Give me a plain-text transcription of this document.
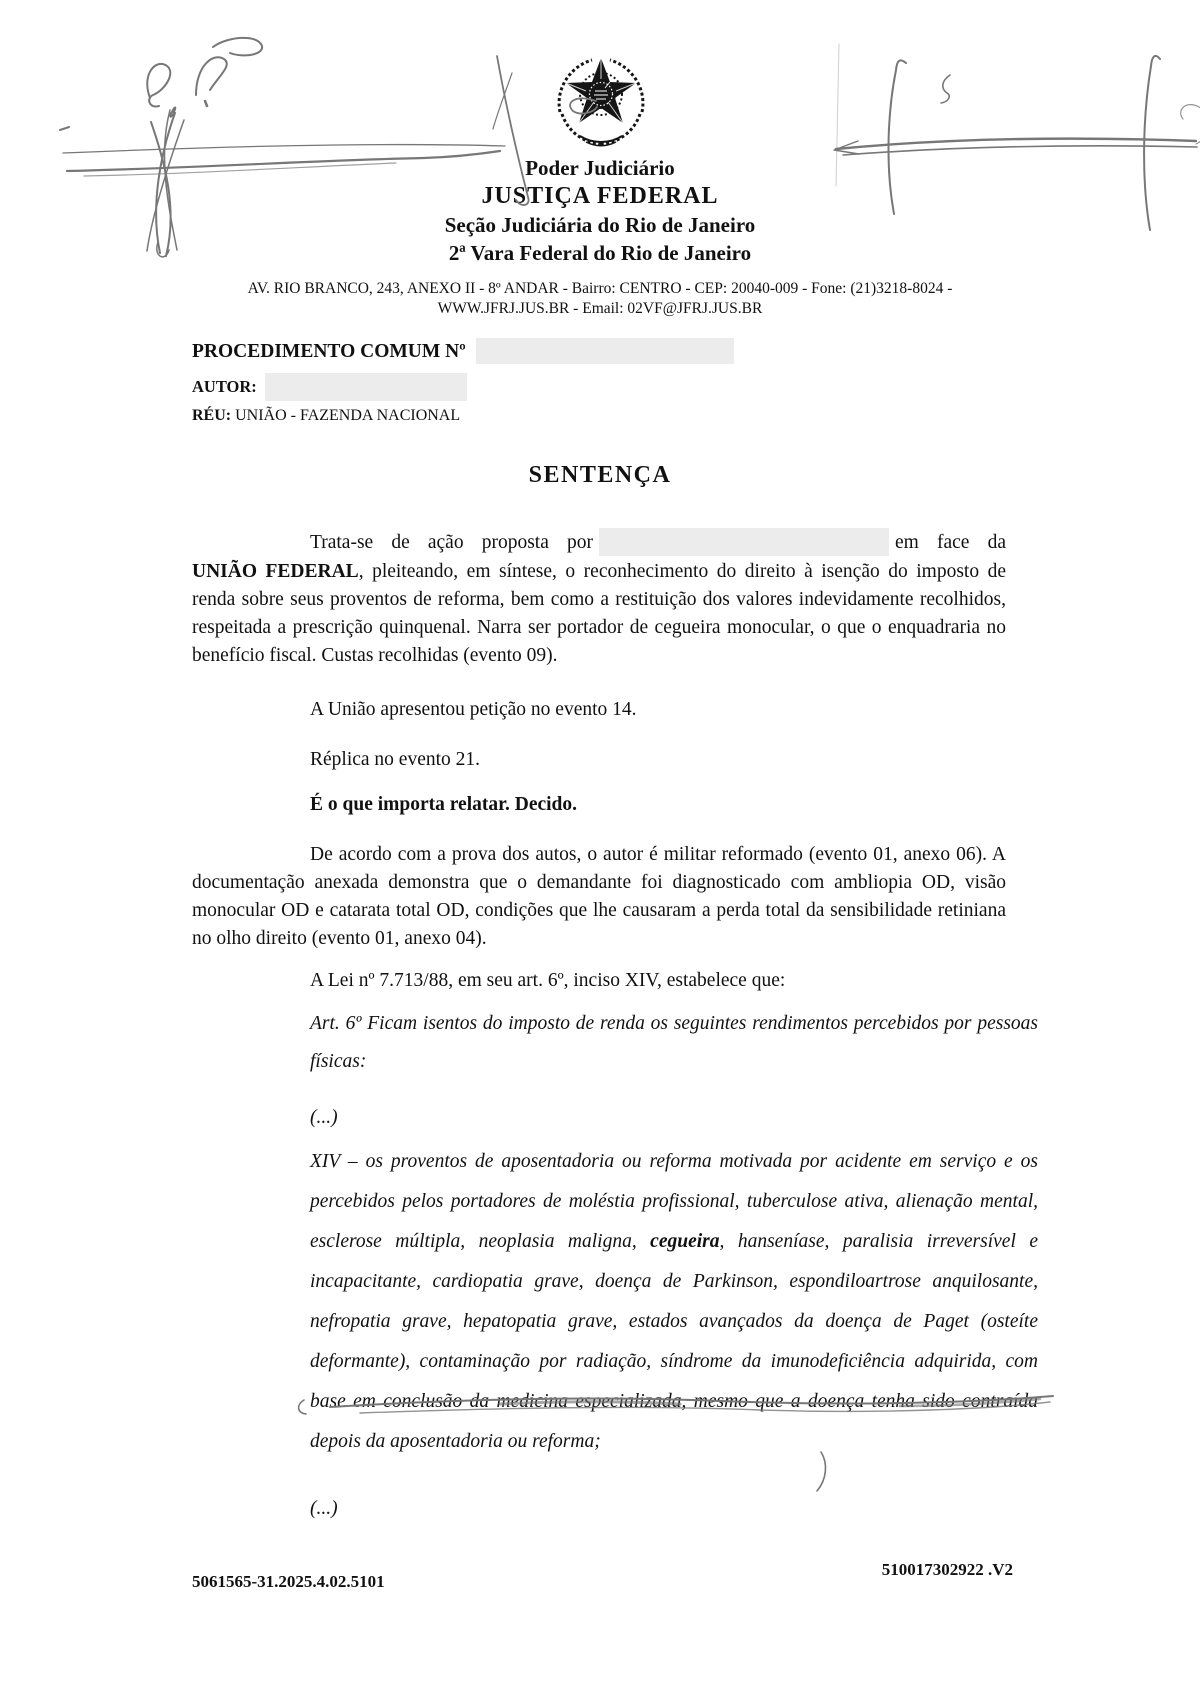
Poder Judiciário
JUSTIÇA FEDERAL
Seção Judiciária do Rio de Janeiro
2ª Vara Federal do Rio de Janeiro
AV. RIO BRANCO, 243, ANEXO II - 8º ANDAR - Bairro: CENTRO - CEP: 20040-009 - Fone: (21)3218-8024 -
WWW.JFRJ.JUS.BR - Email: 02VF@JFRJ.JUS.BR
PROCEDIMENTO COMUM Nº
AUTOR:
RÉU: UNIÃO - FAZENDA NACIONAL
SENTENÇA
Trata-se de ação proposta por	em face da
UNIÃO FEDERAL, pleiteando, em síntese, o reconhecimento do direito à isenção do imposto de renda sobre seus proventos de reforma, bem como a restituição dos valores indevidamente recolhidos, respeitada a prescrição quinquenal. Narra ser portador de cegueira monocular, o que o enquadraria no benefício fiscal. Custas recolhidas (evento 09).
A União apresentou petição no evento 14.
Réplica no evento 21.
É o que importa relatar. Decido.
De acordo com a prova dos autos, o autor é militar reformado (evento 01, anexo 06). A documentação anexada demonstra que o demandante foi diagnosticado com ambliopia OD, visão monocular OD e catarata total OD, condições que lhe causaram a perda total da sensibilidade retiniana no olho direito (evento 01, anexo 04).
A Lei nº 7.713/88, em seu art. 6º, inciso XIV, estabelece que:
Art. 6º Ficam isentos do imposto de renda os seguintes rendimentos percebidos por pessoas físicas:
(...)
XIV – os proventos de aposentadoria ou reforma motivada por acidente em serviço e os percebidos pelos portadores de moléstia profissional, tuberculose ativa, alienação mental, esclerose múltipla, neoplasia maligna, cegueira, hanseníase, paralisia irreversível e incapacitante, cardiopatia grave, doença de Parkinson, espondiloartrose anquilosante, nefropatia grave, hepatopatia grave, estados avançados da doença de Paget (osteíte deformante), contaminação por radiação, síndrome da imunodeficiência adquirida, com base em conclusão da medicina especializada, mesmo que a doença tenha sido contraída depois da aposentadoria ou reforma;
(...)
5061565-31.2025.4.02.5101
510017302922 .V2
